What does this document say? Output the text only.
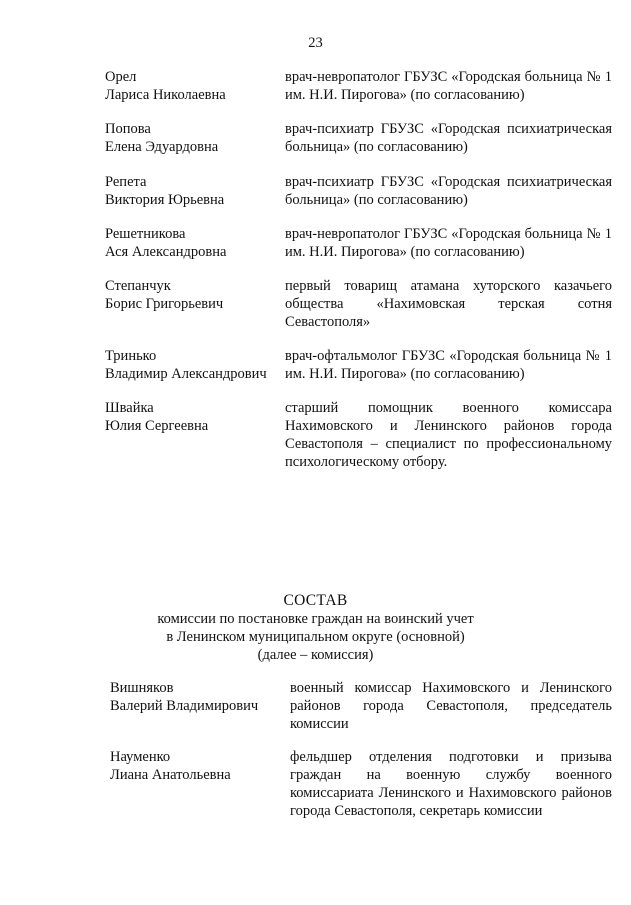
23
Орел
Лариса Николаевна
врач-невропатолог ГБУЗС «Городская больница № 1 им. Н.И. Пирогова» (по согласованию)
Попова
Елена Эдуардовна
врач-психиатр ГБУЗС «Городская психиатрическая больница» (по согласованию)
Репета
Виктория Юрьевна
врач-психиатр ГБУЗС «Городская психиатрическая больница» (по согласованию)
Решетникова
Ася Александровна
врач-невропатолог ГБУЗС «Городская больница № 1 им. Н.И. Пирогова» (по согласованию)
Степанчук
Борис Григорьевич
первый товарищ атамана хуторского казачьего общества «Нахимовская терская сотня Севастополя»
Тринько
Владимир Александрович
врач-офтальмолог ГБУЗС «Городская больница № 1 им. Н.И. Пирогова» (по согласованию)
Швайка
Юлия Сергеевна
старший помощник военного комиссара Нахимовского и Ленинского районов города Севастополя – специалист по профессиональному психологическому отбору.
СОСТАВ
комиссии по постановке граждан на воинский учет
в Ленинском муниципальном округе (основной)
(далее – комиссия)
Вишняков
Валерий Владимирович
военный комиссар Нахимовского и Ленинского районов города Севастополя, председатель комиссии
Науменко
Лиана Анатольевна
фельдшер отделения подготовки и призыва граждан на военную службу военного комиссариата Ленинского и Нахимовского районов города Севастополя, секретарь комиссии
